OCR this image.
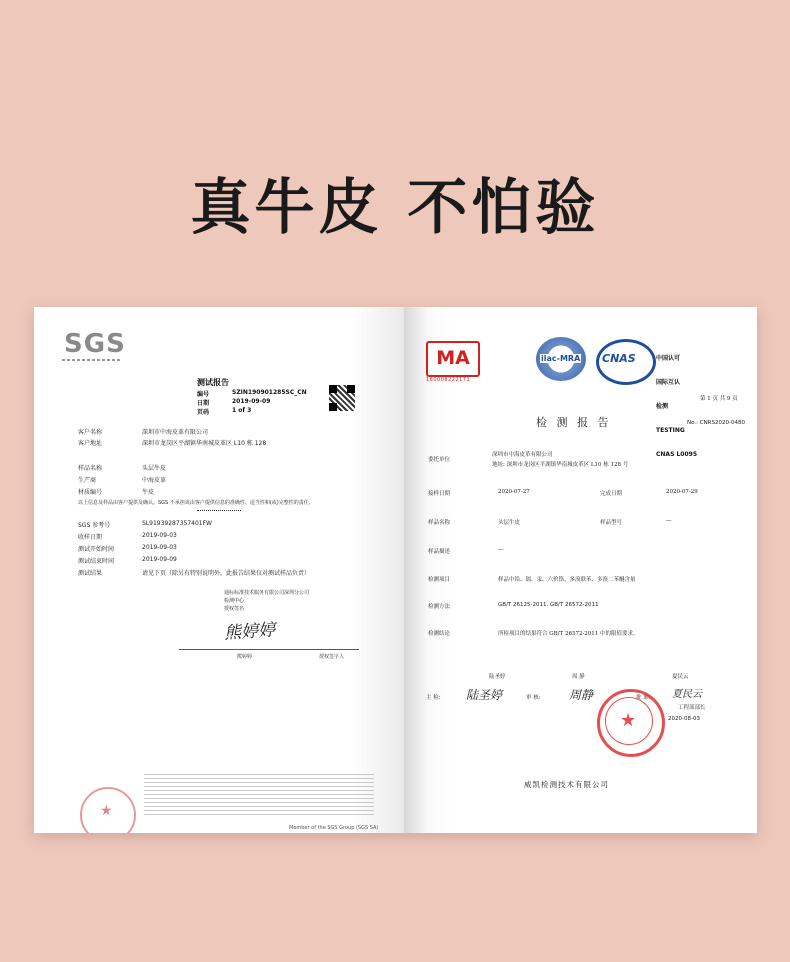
真牛皮 不怕验
SGS
测试报告
编号	SZIN190901285SC_CN
日期	2019-09-09
页码	1 of 3
客户名称	深圳市中海皮革有限公司
客户地址	深圳市龙岗区平湖镇华南城皮革区 L10 栋 128
样品名称	头层牛皮
生产商	中海皮革
材质编号	牛皮
以上信息及样品由客户提供及确认。SGS 不承担该由客户提供信息的准确性、适当性和(或)完整性的责任。
SGS 参考号	SL91939287357401FW
收样日期	2019-09-03
测试开始时间	2019-09-03
测试结束时间	2019-09-09
测试结果	请见下页（除另有特别说明外，此报告结果仅对测试样品负责）
通标标准技术服务有限公司深圳分公司
检测中心
授权签名
熊婷婷
熊婷婷	授权签字人
★
Member of the SGS Group (SGS SA)
MA
160008222171
ilac-MRA CNAS

	中国认可

国际互认

检测

TESTING

CNAS L0095

第 1 页 共 9 页
检 测 报 告	No.: CNRS2020-0480
委托单位
深圳市中海皮革有限公司
地址: 深圳市龙岗区平湖镇华南城皮革区 L10 栋 128 号
接样日期	2020-07-27	完成日期	2020-07-29
样品名称	头层牛皮	样品型号	—
样品描述	—
检测项目	样品中铅、镉、汞、六价铬、多溴联苯、多溴二苯醚含量
检测方法	GB/T 26125-2011, GB/T 26572-2011
检测结论	所检项目的结果符合 GB/T 26572-2011 中的限值要求。
陆圣婷	周 静	夏民云
主 检: 陆圣婷	审 核: 周静	批 准: 夏民云
工程部部长
2020-08-03
★
威凯检测技术有限公司
